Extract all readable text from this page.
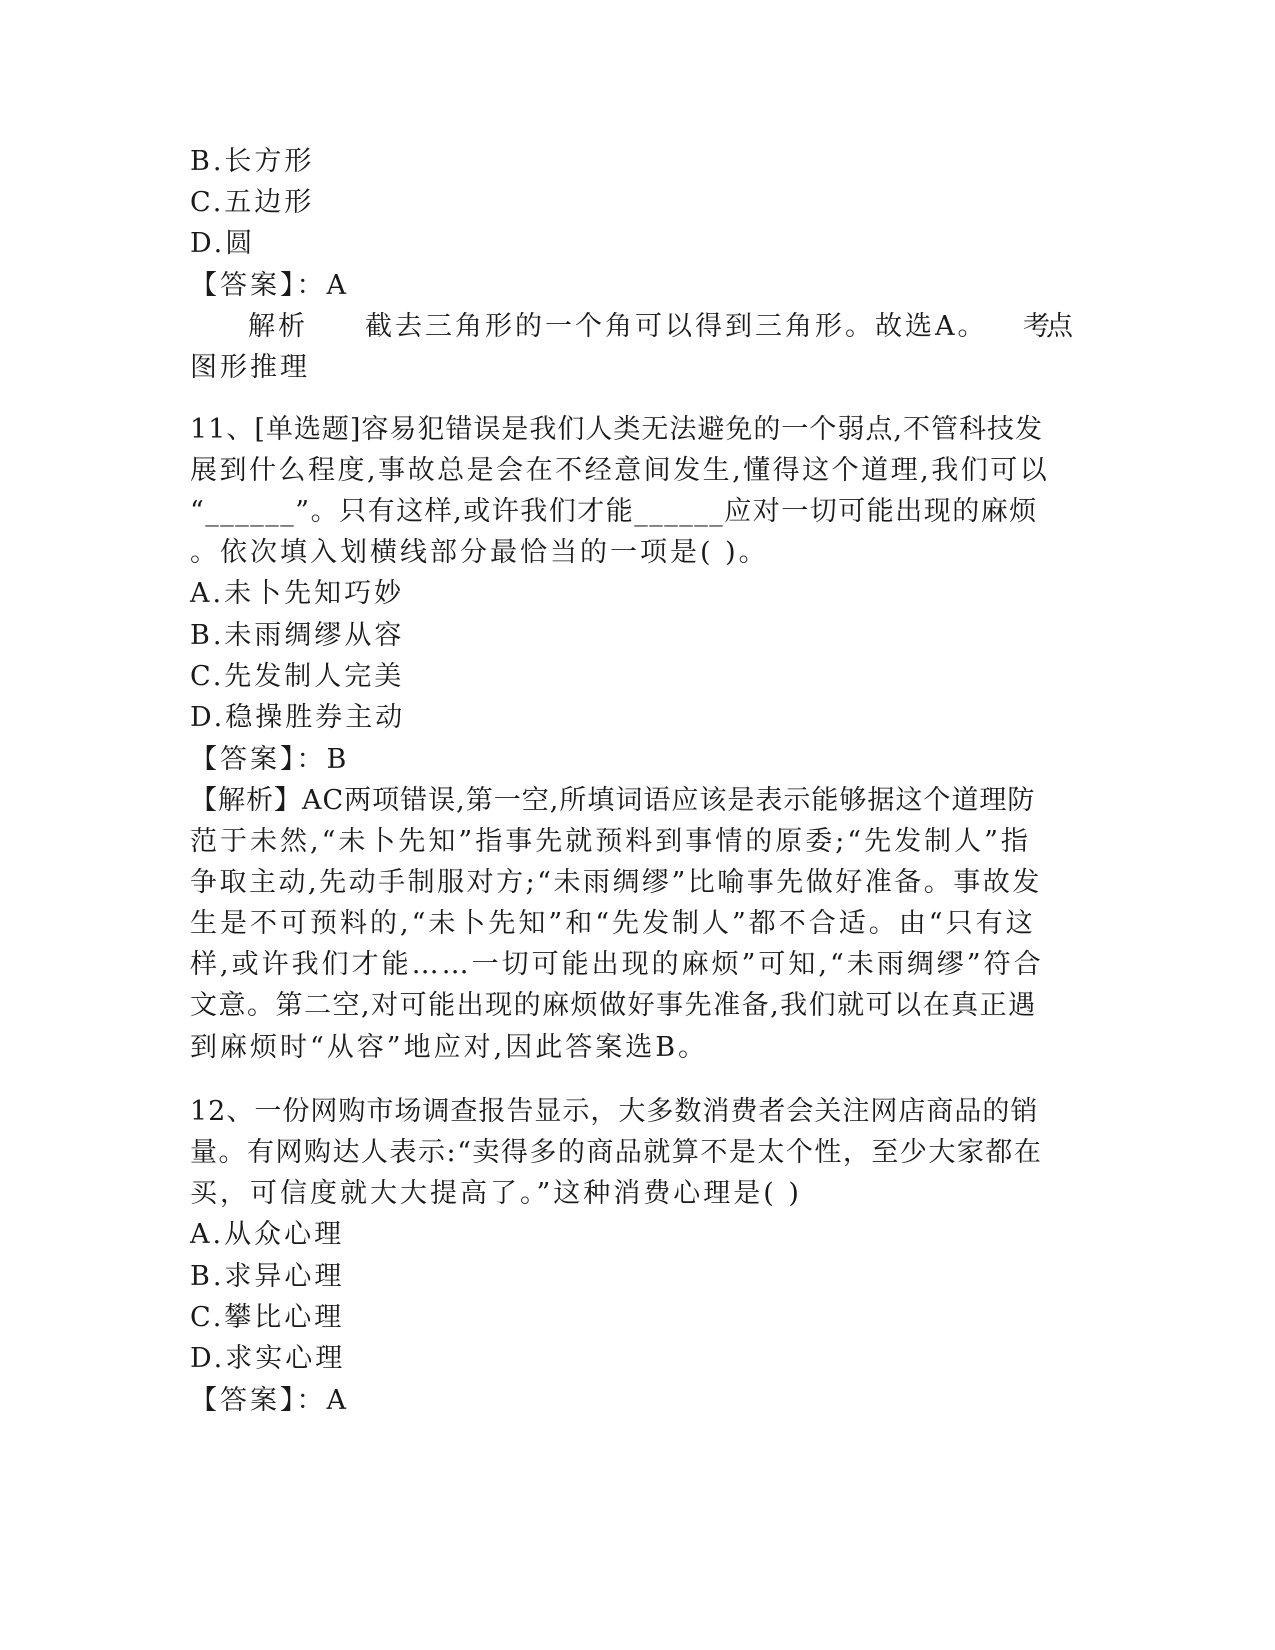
B.长方形
C.五边形
D.圆
【答案】：A
解析 截去三角形的一个角可以得到三角形。故选A。 考点
图形推理
11、[单选题]容易犯错误是我们人类无法避免的一个弱点,不管科技发
展到什么程度,事故总是会在不经意间发生,懂得这个道理,我们可以
“______”。只有这样,或许我们才能______应对一切可能出现的麻烦
。依次填入划横线部分最恰当的一项是( )。
A.未卜先知巧妙
B.未雨绸缪从容
C.先发制人完美
D.稳操胜券主动
【答案】：B
【解析】AC两项错误,第一空,所填词语应该是表示能够据这个道理防
范于未然,“未卜先知”指事先就预料到事情的原委;“先发制人”指
争取主动,先动手制服对方;“未雨绸缪”比喻事先做好准备。事故发
生是不可预料的,“未卜先知”和“先发制人”都不合适。由“只有这
样,或许我们才能……一切可能出现的麻烦”可知,“未雨绸缪”符合
文意。第二空,对可能出现的麻烦做好事先准备,我们就可以在真正遇
到麻烦时“从容”地应对,因此答案选B。
12、一份网购市场调查报告显示，大多数消费者会关注网店商品的销
量。有网购达人表示:“卖得多的商品就算不是太个性，至少大家都在
买，可信度就大大提高了。”这种消费心理是( )
A.从众心理
B.求异心理
C.攀比心理
D.求实心理
【答案】：A
